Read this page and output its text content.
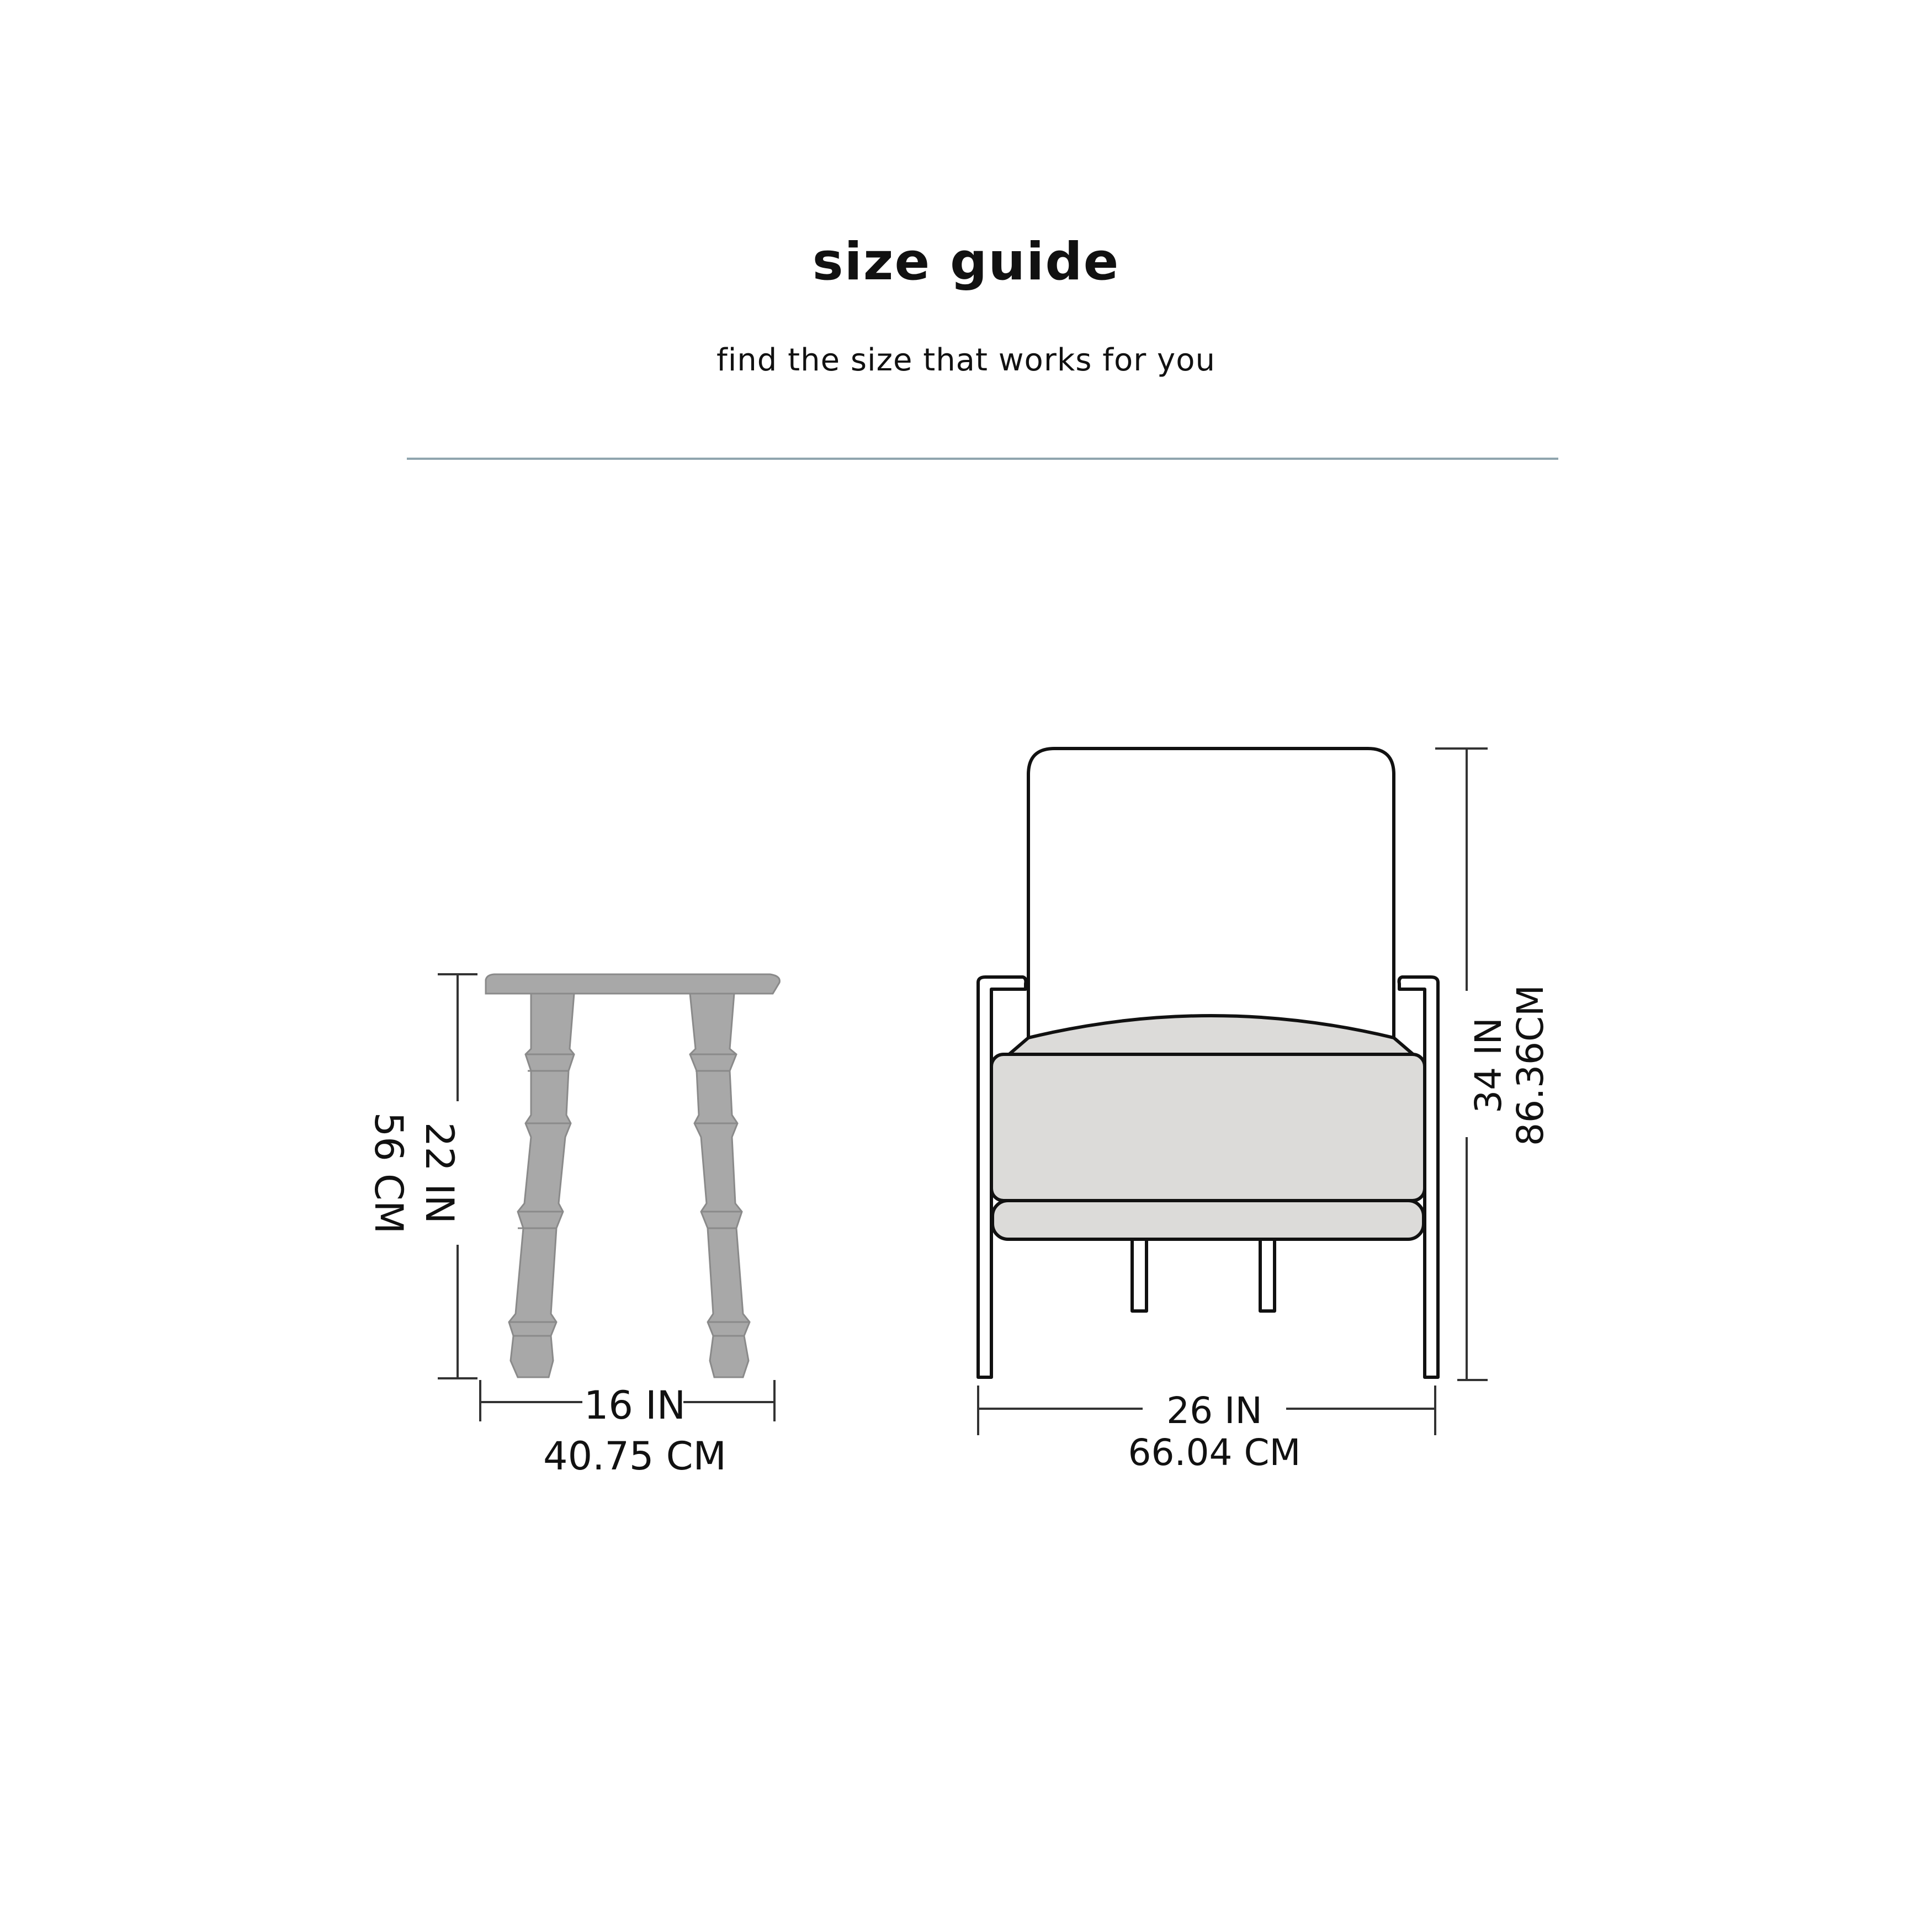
size guide
find the size that works for you
16 IN
40.75 CM
22 IN
56 CM
26 IN
66.04 CM
34 IN 86.36CM
